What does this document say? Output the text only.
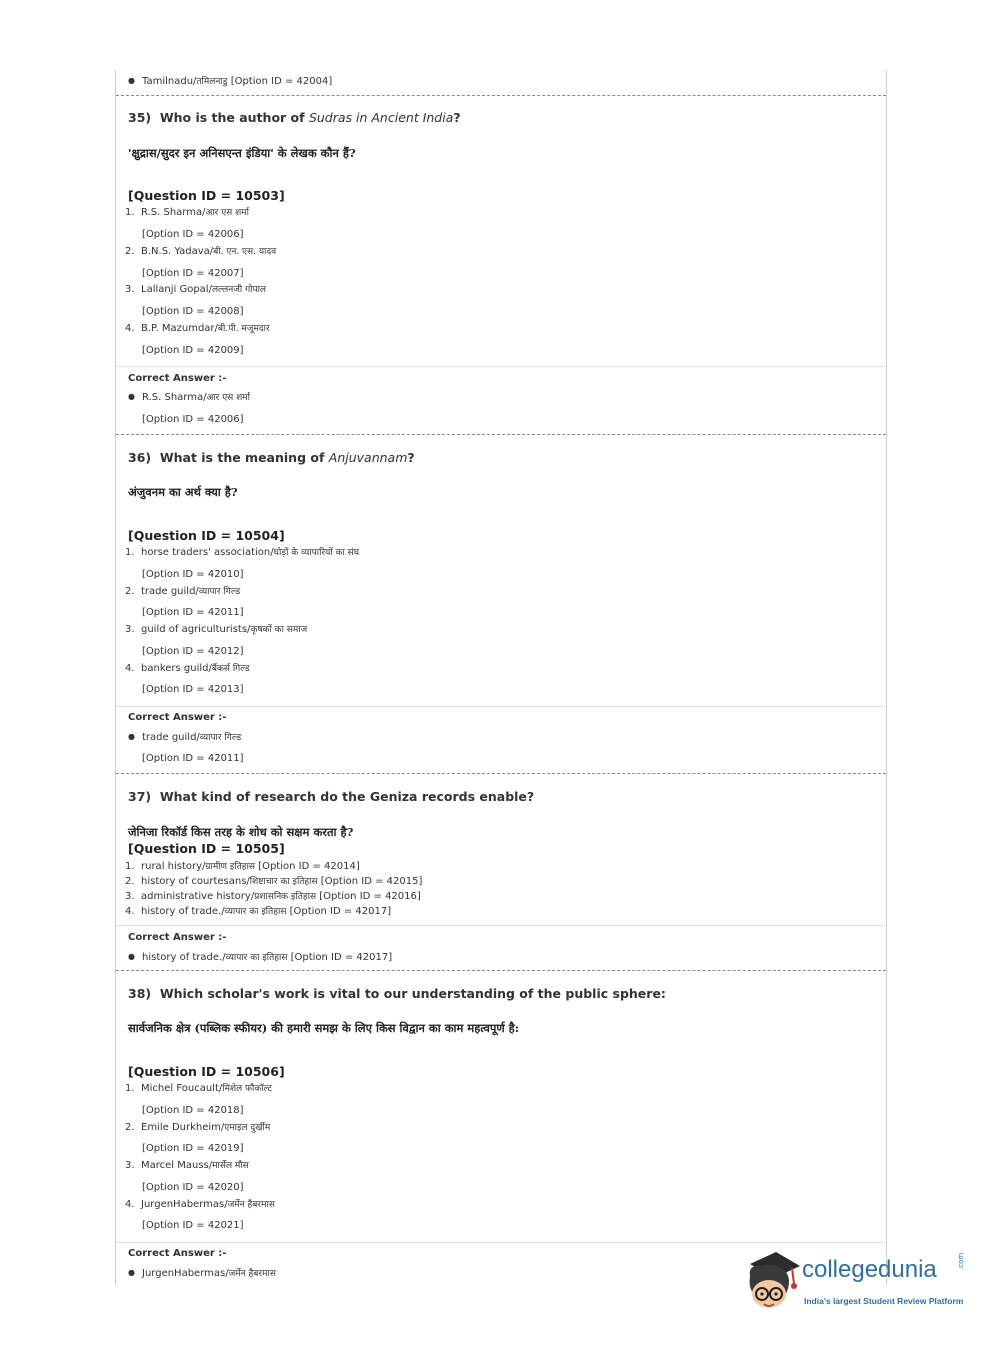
● Tamilnadu/तमिलनाडु [Option ID = 42004]
35) Who is the author of Sudras in Ancient India?
'क्षुद्रास/सुदर इन अनिसएन्त इंडिया' के लेखक कौन हैं?
[Question ID = 10503]
1. R.S. Sharma/आर एस शर्मा
[Option ID = 42006]
2. B.N.S. Yadava/बी. एन. एस. यादव
[Option ID = 42007]
3. Lallanji Gopal/लल्लनजी गोपाल
[Option ID = 42008]
4. B.P. Mazumdar/बी.पी. मजूमदार
[Option ID = 42009]
Correct Answer :-
● R.S. Sharma/आर एस शर्मा
[Option ID = 42006]
36) What is the meaning of Anjuvannam?
अंजुवनम का अर्थ क्या है?
[Question ID = 10504]
1. horse traders' association/घोड़ों के व्यापारियों का संघ
[Option ID = 42010]
2. trade guild/व्यापार गिल्ड
[Option ID = 42011]
3. guild of agriculturists/कृषकों का समाज
[Option ID = 42012]
4. bankers guild/बैंकर्स गिल्ड
[Option ID = 42013]
Correct Answer :-
● trade guild/व्यापार गिल्ड
[Option ID = 42011]
37) What kind of research do the Geniza records enable?
जेनिजा रिकॉर्ड किस तरह के शोध को सक्षम करता है?
[Question ID = 10505]
1. rural history/ग्रामीण इतिहास [Option ID = 42014]
2. history of courtesans/शिष्टाचार का इतिहास [Option ID = 42015]
3. administrative history/प्रशासनिक इतिहास [Option ID = 42016]
4. history of trade./व्यापार का इतिहास [Option ID = 42017]
Correct Answer :-
● history of trade./व्यापार का इतिहास [Option ID = 42017]
38) Which scholar's work is vital to our understanding of the public sphere:
सार्वजनिक क्षेत्र (पब्लिक स्फीयर) की हमारी समझ के लिए किस विद्वान का काम महत्वपूर्ण है:
[Question ID = 10506]
1. Michel Foucault/मिशेल फौकॉल्ट
[Option ID = 42018]
2. Emile Durkheim/एमाइल दुर्खीम
[Option ID = 42019]
3. Marcel Mauss/मार्सेल मौस
[Option ID = 42020]
4. JurgenHabermas/जर्मेन हैबरमास
[Option ID = 42021]
Correct Answer :-
● JurgenHabermas/जर्मेन हैबरमास	collegedunia	.com
India's largest Student Review Platform
